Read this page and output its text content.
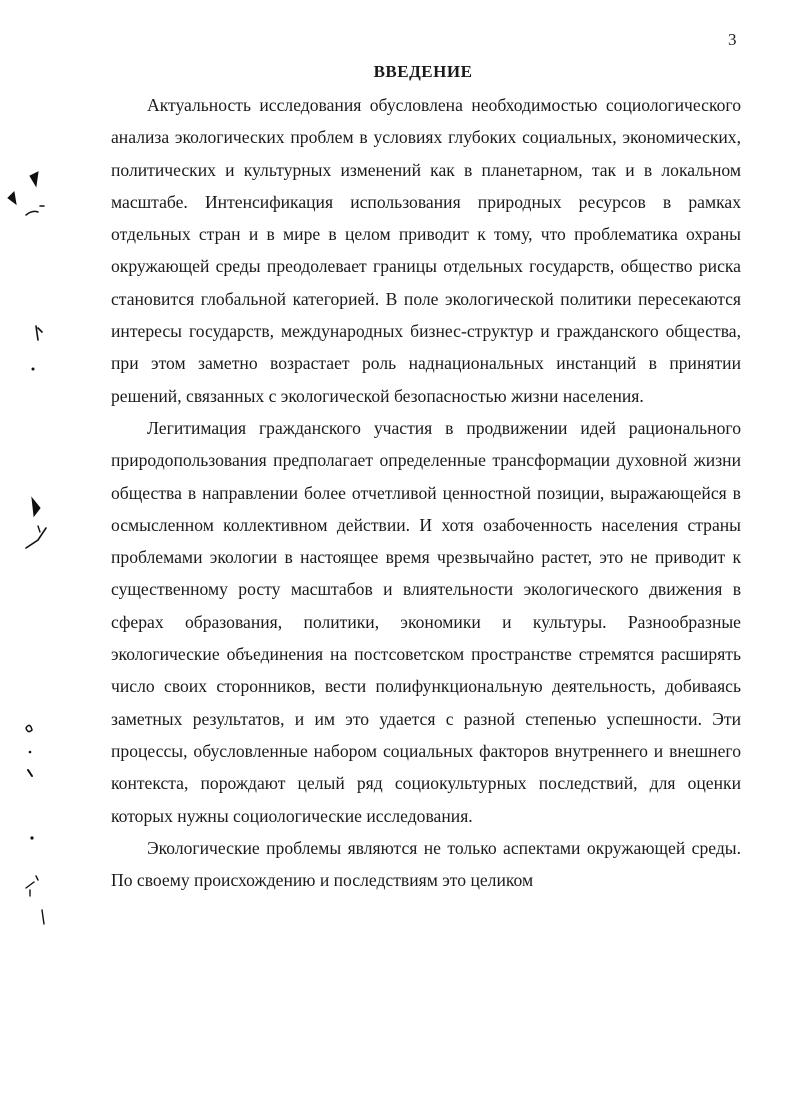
3
ВВЕДЕНИЕ

Актуальность исследования обусловлена необходимостью социологического анализа экологических проблем в условиях глубоких социальных, экономических, политических и культурных изменений как в планетарном, так и в локальном масштабе. Интенсификация использования природных ресурсов в рамках отдельных стран и в мире в целом приводит к тому, что проблематика охраны окружающей среды преодолевает границы отдельных государств, общество риска становится глобальной категорией. В поле экологической политики пересекаются интересы государств, международных бизнес-структур и гражданского общества, при этом заметно возрастает роль наднациональных инстанций в принятии решений, связанных с экологической безопасностью жизни населения.

Легитимация гражданского участия в продвижении идей рационального природопользования предполагает определенные трансформации духовной жизни общества в направлении более отчетливой ценностной позиции, выражающейся в осмысленном коллективном действии. И хотя озабоченность населения страны проблемами экологии в настоящее время чрезвычайно растет, это не приводит к существенному росту масштабов и влиятельности экологического движения в сферах образования, политики, экономики и культуры. Разнообразные экологические объединения на постсоветском пространстве стремятся расширять число своих сторонников, вести полифункциональную деятельность, добиваясь заметных результатов, и им это удается с разной степенью успешности. Эти процессы, обусловленные набором социальных факторов внутреннего и внешнего контекста, порождают целый ряд социокультурных последствий, для оценки которых нужны социологические исследования.

Экологические проблемы являются не только аспектами окружающей среды. По своему происхождению и последствиям это целиком
